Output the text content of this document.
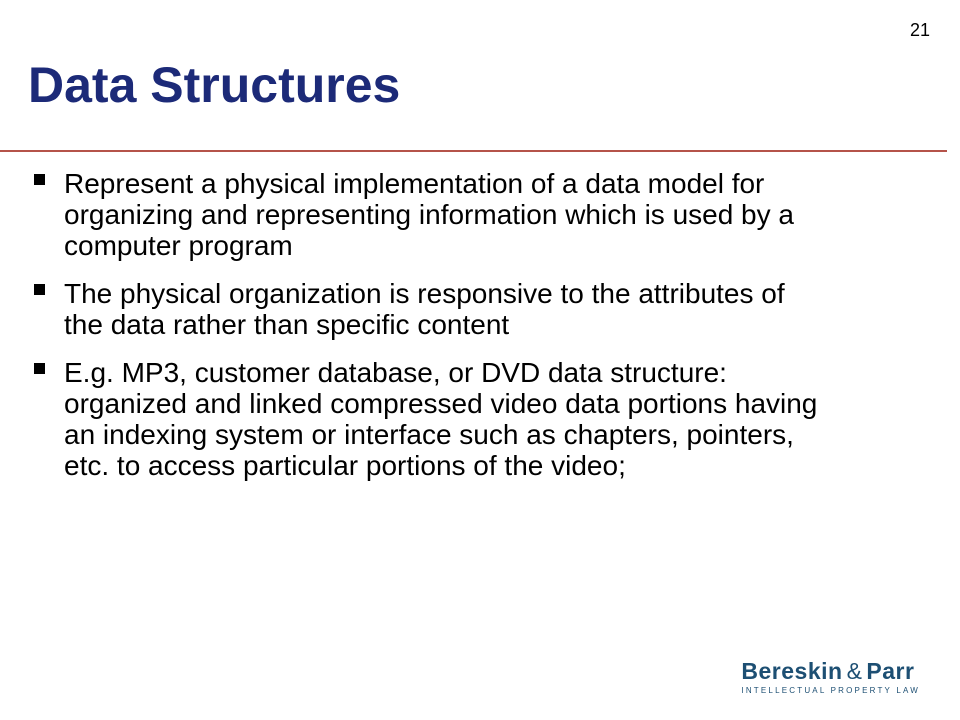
21
Data Structures
Represent a physical implementation of a data model for organizing and representing information which is used by a computer program
The physical organization is responsive to the attributes of the data rather than specific content
E.g. MP3, customer database, or DVD data structure: organized and linked compressed video data portions having an indexing system or interface such as chapters, pointers, etc. to access particular portions of the video;
Bereskin & Parr
INTELLECTUAL PROPERTY LAW
